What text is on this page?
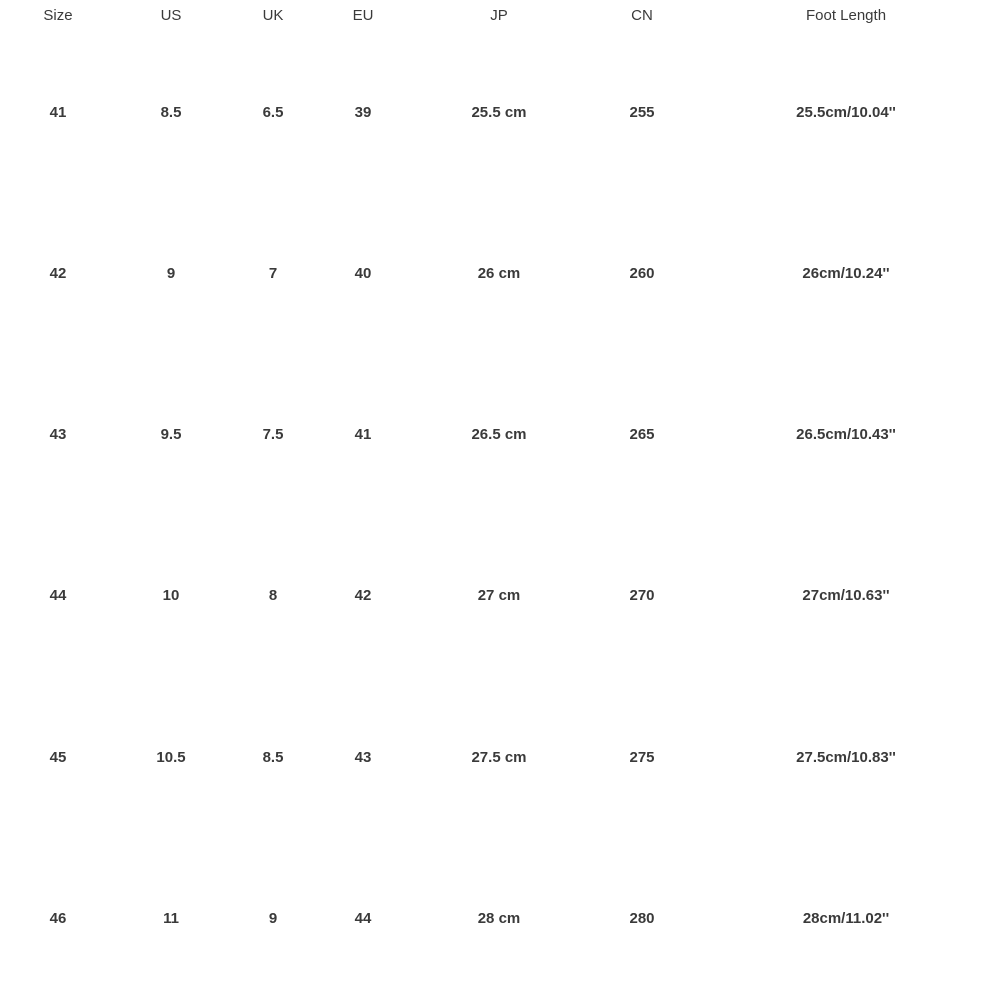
Size	US	UK	EU	JP	CN	Foot Length
41	8.5	6.5	39	25.5 cm	255	25.5cm/10.04''
42	9	7	40	26 cm	260	26cm/10.24''
43	9.5	7.5	41	26.5 cm	265	26.5cm/10.43''
44	10	8	42	27 cm	270	27cm/10.63''
45	10.5	8.5	43	27.5 cm	275	27.5cm/10.83''
46	11	9	44	28 cm	280	28cm/11.02''
